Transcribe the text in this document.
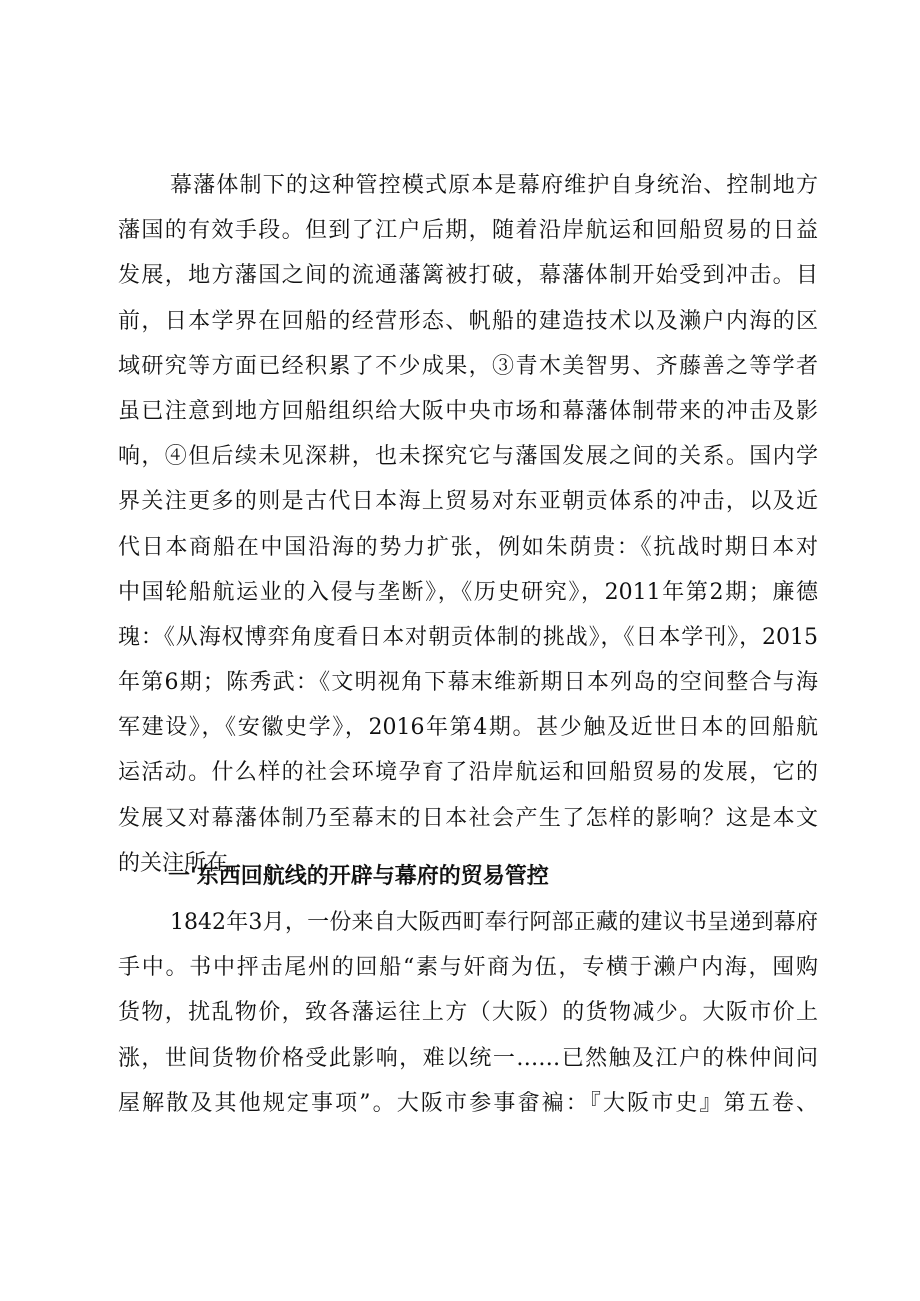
幕藩体制下的这种管控模式原本是幕府维护自身统治、控制地方
藩国的有效手段。但到了江户后期，随着沿岸航运和回船贸易的日益
发展，地方藩国之间的流通藩篱被打破，幕藩体制开始受到冲击。目
前，日本学界在回船的经营形态、帆船的建造技术以及濑户内海的区
域研究等方面已经积累了不少成果，③青木美智男、齐藤善之等学者
虽已注意到地方回船组织给大阪中央市场和幕藩体制带来的冲击及影
响，④但后续未见深耕，也未探究它与藩国发展之间的关系。国内学
界关注更多的则是古代日本海上贸易对东亚朝贡体系的冲击，以及近
代日本商船在中国沿海的势力扩张，例如朱荫贵：《抗战时期日本对
中国轮船航运业的入侵与垄断》，《历史研究》，2011年第2期；廉德
瑰：《从海权博弈角度看日本对朝贡体制的挑战》，《日本学刊》，2015
年第6期；陈秀武：《文明视角下幕末维新期日本列岛的空间整合与海
军建设》，《安徽史学》，2016年第4期。甚少触及近世日本的回船航
运活动。什么样的社会环境孕育了沿岸航运和回船贸易的发展，它的
发展又对幕藩体制乃至幕末的日本社会产生了怎样的影响？这是本文
的关注所在。
一'东西回航线的开辟与幕府的贸易管控
1842年3月，一份来自大阪西町奉行阿部正藏的建议书呈递到幕府
手中。书中抨击尾州的回船“素与奸商为伍，专横于濑户内海，囤购
货物，扰乱物价，致各藩运往上方（大阪）的货物减少。大阪市价上
涨，世间货物价格受此影响，难以统一……已然触及江户的株仲间问
屋解散及其他规定事项”。大阪市参事畲褊：『大阪市史』第五卷、
